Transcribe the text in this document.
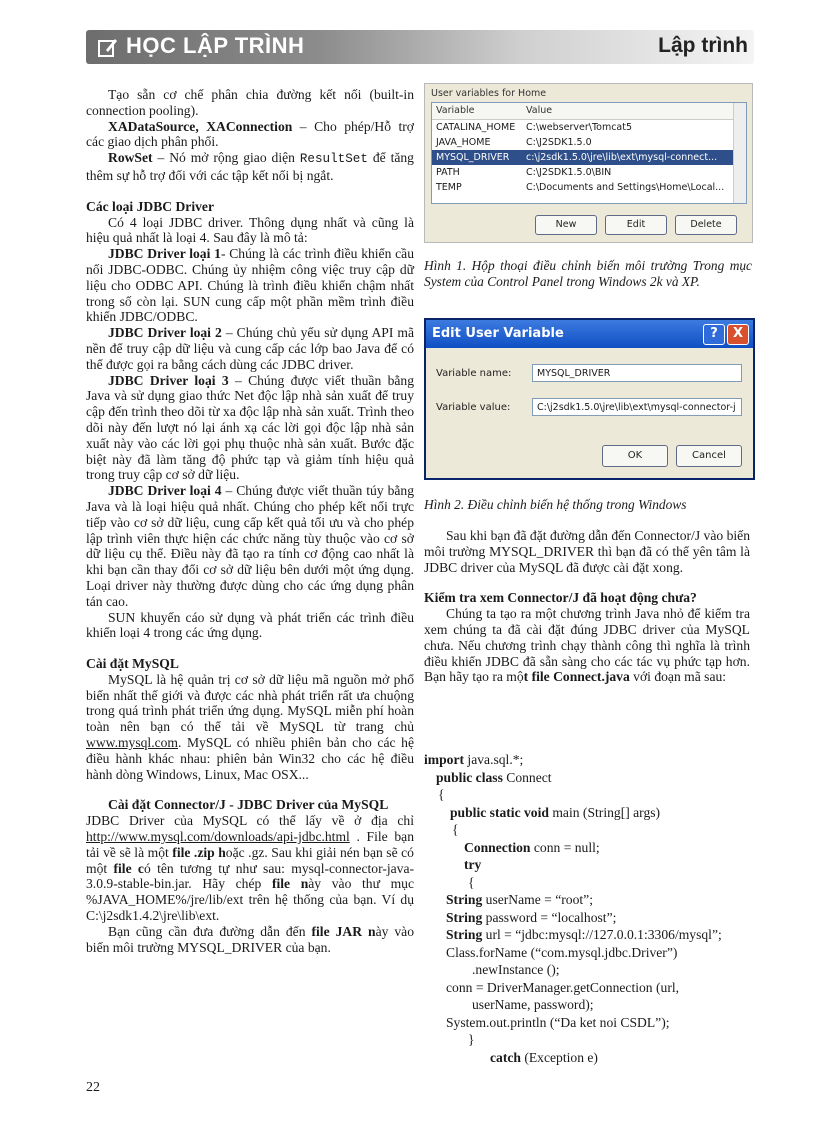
HỌC LẬP TRÌNH	Lập trình

Tạo sẵn cơ chế phân chia đường kết nối (built-in connection pooling).

XADataSource, XAConnection – Cho phép/Hỗ trợ các giao dịch phân phối.

RowSet – Nó mở rộng giao diện ResultSet để tăng thêm sự hỗ trợ đối với các tập kết nối bị ngắt.

Các loại JDBC Driver

Có 4 loại JDBC driver. Thông dụng nhất và cũng là hiệu quả nhất là loại 4. Sau đây là mô tả:

JDBC Driver loại 1- Chúng là các trình điều khiển cầu nối JDBC-ODBC. Chúng ủy nhiệm công việc truy cập dữ liệu cho ODBC API. Chúng là trình điều khiển chậm nhất trong số còn lại. SUN cung cấp một phần mềm trình điều khiển JDBC/ODBC.

JDBC Driver loại 2 – Chúng chủ yếu sử dụng API mã nền để truy cập dữ liệu và cung cấp các lớp bao Java để có thể được gọi ra bằng cách dùng các JDBC driver.

JDBC Driver loại 3 – Chúng được viết thuần bằng Java và sử dụng giao thức Net độc lập nhà sản xuất để truy cập đến trình theo dõi từ xa độc lập nhà sản xuất. Trình theo dõi này đến lượt nó lại ánh xạ các lời gọi độc lập nhà sản xuất này vào các lời gọi phụ thuộc nhà sản xuất. Bước đặc biệt này đã làm tăng độ phức tạp và giảm tính hiệu quả trong truy cập cơ sở dữ liệu.

JDBC Driver loại 4 – Chúng được viết thuần túy bằng Java và là loại hiệu quả nhất. Chúng cho phép kết nối trực tiếp vào cơ sở dữ liệu, cung cấp kết quả tối ưu và cho phép lập trình viên thực hiện các chức năng tùy thuộc vào cơ sở dữ liệu cụ thể. Điều này đã tạo ra tính cơ động cao nhất là khi bạn cần thay đổi cơ sở dữ liệu bên dưới một ứng dụng. Loại driver này thường được dùng cho các ứng dụng phân tán cao.

SUN khuyến cáo sử dụng và phát triển các trình điều khiển loại 4 trong các ứng dụng.

Cài đặt MySQL

MySQL là hệ quản trị cơ sở dữ liệu mã nguồn mở phổ biến nhất thế giới và được các nhà phát triển rất ưa chuộng trong quá trình phát triển ứng dụng. MySQL miễn phí hoàn toàn nên bạn có thể tải về MySQL từ trang chủ www.mysql.com. MySQL có nhiều phiên bản cho các hệ điều hành khác nhau: phiên bản Win32 cho các hệ điều hành dòng Windows, Linux, Mac OSX...

Cài đặt Connector/J - JDBC Driver của MySQL

JDBC Driver của MySQL có thể lấy về ở địa chỉ http://www.mysql.com/downloads/api-jdbc.html . File bạn tải về sẽ là một file .zip hoặc .gz. Sau khi giải nén bạn sẽ có một file có tên tương tự như sau: mysql-connector-java-3.0.9-stable-bin.jar. Hãy chép file này vào thư mục %JAVA_HOME%/jre/lib/ext trên hệ thống của bạn. Ví dụ C:\j2sdk1.4.2\jre\lib\ext.

Bạn cũng cần đưa đường dẫn đến file JAR này vào biến môi trường MYSQL_DRIVER của bạn.

User variables for Home
Variable	Value
CATALINA_HOME	C:\webserver\Tomcat5
JAVA_HOME	C:\J2SDK1.5.0
MYSQL_DRIVER	c:\j2sdk1.5.0\jre\lib\ext\mysql-connect...
PATH	C:\J2SDK1.5.0\BIN
TEMP	C:\Documents and Settings\Home\Local...
New	Edit	Delete
Hình 1. Hộp thoại điều chỉnh biến môi trường Trong mục System của Control Panel trong Windows 2k và XP.
Edit User Variable	?	X
Variable name:	MYSQL_DRIVER
Variable value:	C:\j2sdk1.5.0\jre\lib\ext\mysql-connector-j
OK	Cancel
Hình 2. Điều chỉnh biến hệ thống trong Windows

Sau khi bạn đã đặt đường dẫn đến Connector/J vào biến môi trường MYSQL_DRIVER thì bạn đã có thể yên tâm là JDBC driver của MySQL đã được cài đặt xong.

Kiểm tra xem Connector/J đã hoạt động chưa?

Chúng ta tạo ra một chương trình Java nhỏ để kiểm tra xem chúng ta đã cài đặt đúng JDBC driver của MySQL chưa. Nếu chương trình chạy thành công thì nghĩa là trình điều khiển JDBC đã sẵn sàng cho các tác vụ phức tạp hơn. Bạn hãy tạo ra một file Connect.java với đoạn mã sau:

import java.sql.*;
public class Connect
{
public static void main (String[] args)
{
Connection conn = null;
try
{
String userName = “root”;
String password = “localhost”;
String url = “jdbc:mysql://127.0.0.1:3306/mysql”;
Class.forName (“com.mysql.jdbc.Driver”)
.newInstance ();
conn = DriverManager.getConnection (url,
userName, password);
System.out.println (“Da ket noi CSDL”);
}
catch (Exception e)
22
